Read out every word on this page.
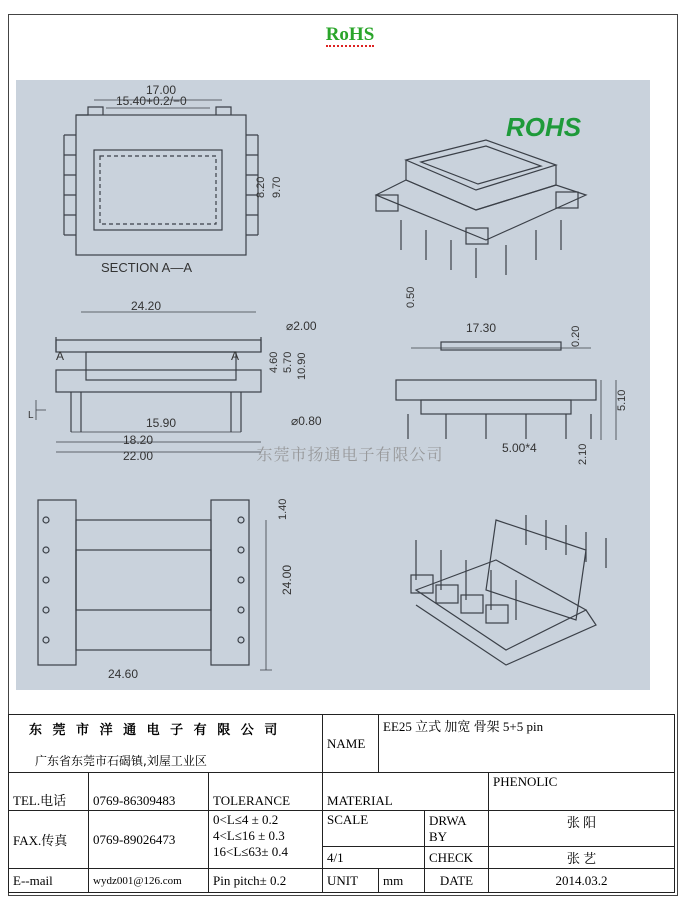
RoHS
ROHS
17.00
15.40+0.2/−0
8.20 9.70
SECTION A—A
24.20
⌀2.00
A	A	4.60 5.70 10.90
L
15.90	⌀0.80
18.20
22.00
0.50
17.30	0.20
5.10
2.10
5.00*4
1.40
24.00
24.60
东莞市扬通电子有限公司
东 莞 市 洋 通 电 子 有 限 公 司
广东省东莞市石碣镇,刘屋工业区			NAME	EE25 立式 加宽 骨架 5+5 pin		
TEL.电话	0769-86309483	TOLERANCE	MATERIAL			PHENOLIC
FAX.传真	0769-89026473	0<L≤4 ± 0.2
4<L≤16 ± 0.3
16<L≤63± 0.4	SCALE		DRWA BY	张 阳
			4/1		CHECK	张 艺
E--mail	wydz001@126.com	Pin pitch± 0.2	UNIT	mm	DATE	2014.03.2
